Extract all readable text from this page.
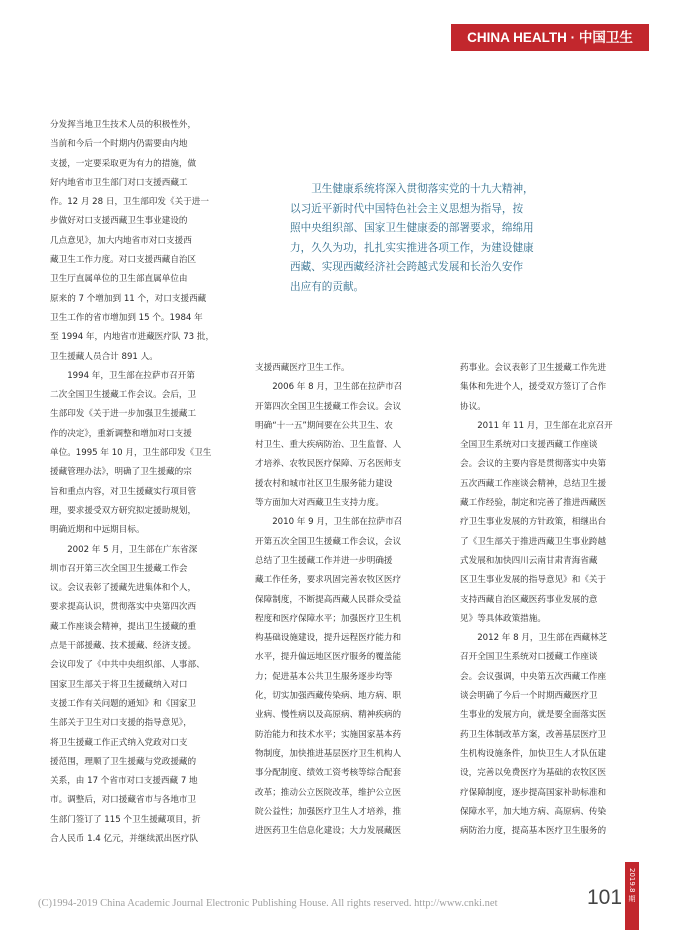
CHINA HEALTH · 中国卫生
分发挥当地卫生技术人员的积极性外，
当前和今后一个时期内仍需要由内地
支援，一定要采取更为有力的措施，做
好内地省市卫生部门对口支援西藏工
作。12 月 28 日，卫生部印发《关于进一
步做好对口支援西藏卫生事业建设的
几点意见》，加大内地省市对口支援西
藏卫生工作力度。对口支援西藏自治区
卫生厅直属单位的卫生部直属单位由
原来的 7 个增加到 11 个，对口支援西藏
卫生工作的省市增加到 15 个。1984 年
至 1994 年，内地省市进藏医疗队 73 批，
卫生援藏人员合计 891 人。
1994 年，卫生部在拉萨市召开第
二次全国卫生援藏工作会议。会后，卫
生部印发《关于进一步加强卫生援藏工
作的决定》，重新调整和增加对口支援
单位。1995 年 10 月，卫生部印发《卫生
援藏管理办法》，明确了卫生援藏的宗
旨和重点内容，对卫生援藏实行项目管
理，要求援受双方研究拟定援助规划，
明确近期和中远期目标。
2002 年 5 月，卫生部在广东省深
圳市召开第三次全国卫生援藏工作会
议。会议表彰了援藏先进集体和个人，
要求提高认识，贯彻落实中央第四次西
藏工作座谈会精神，提出卫生援藏的重
点是干部援藏、技术援藏、经济支援。
会议印发了《中共中央组织部、人事部、
国家卫生部关于将卫生援藏纳入对口
支援工作有关问题的通知》和《国家卫
生部关于卫生对口支援的指导意见》，
将卫生援藏工作正式纳入党政对口支
援范围，理顺了卫生援藏与党政援藏的
关系，由 17 个省市对口支援西藏 7 地
市。调整后，对口援藏省市与各地市卫
生部门签订了 115 个卫生援藏项目，折
合人民币 1.4 亿元，并继续派出医疗队
卫生健康系统将深入贯彻落实党的十九大精神，
以习近平新时代中国特色社会主义思想为指导，按
照中央组织部、国家卫生健康委的部署要求，绵绵用
力，久久为功，扎扎实实推进各项工作，为建设健康
西藏、实现西藏经济社会跨越式发展和长治久安作
出应有的贡献。
支援西藏医疗卫生工作。
2006 年 8 月，卫生部在拉萨市召
开第四次全国卫生援藏工作会议。会议
明确“十一五”期间要在公共卫生、农
村卫生、重大疾病防治、卫生监督、人
才培养、农牧民医疗保障、万名医师支
援农村和城市社区卫生服务能力建设
等方面加大对西藏卫生支持力度。
2010 年 9 月，卫生部在拉萨市召
开第五次全国卫生援藏工作会议，会议
总结了卫生援藏工作并进一步明确援
藏工作任务，要求巩固完善农牧区医疗
保障制度，不断提高西藏人民群众受益
程度和医疗保障水平；加强医疗卫生机
构基础设施建设，提升远程医疗能力和
水平，提升偏远地区医疗服务的覆盖能
力；促进基本公共卫生服务逐步均等
化，切实加强西藏传染病、地方病、职
业病、慢性病以及高原病、精神疾病的
防治能力和技术水平；实施国家基本药
物制度，加快推进基层医疗卫生机构人
事分配制度、绩效工资考核等综合配套
改革；推动公立医院改革，维护公立医
院公益性；加强医疗卫生人才培养，推
进医药卫生信息化建设；大力发展藏医
药事业。会议表彰了卫生援藏工作先进
集体和先进个人，援受双方签订了合作
协议。
2011 年 11 月，卫生部在北京召开
全国卫生系统对口支援西藏工作座谈
会。会议的主要内容是贯彻落实中央第
五次西藏工作座谈会精神，总结卫生援
藏工作经验，制定和完善了推进西藏医
疗卫生事业发展的方针政策，相继出台
了《卫生部关于推进西藏卫生事业跨越
式发展和加快四川云南甘肃青海省藏
区卫生事业发展的指导意见》和《关于
支持西藏自治区藏医药事业发展的意
见》等具体政策措施。
2012 年 8 月，卫生部在西藏林芝
召开全国卫生系统对口援藏工作座谈
会。会议强调，中央第五次西藏工作座
谈会明确了今后一个时期西藏医疗卫
生事业的发展方向，就是要全面落实医
药卫生体制改革方案，改善基层医疗卫
生机构设施条件，加快卫生人才队伍建
设，完善以免费医疗为基础的农牧区医
疗保障制度，逐步提高国家补助标准和
保障水平，加大地方病、高原病、传染
病防治力度，提高基本医疗卫生服务的
(C)1994-2019 China Academic Journal Electronic Publishing House. All rights reserved. http://www.cnki.net	101 2019.8 期
